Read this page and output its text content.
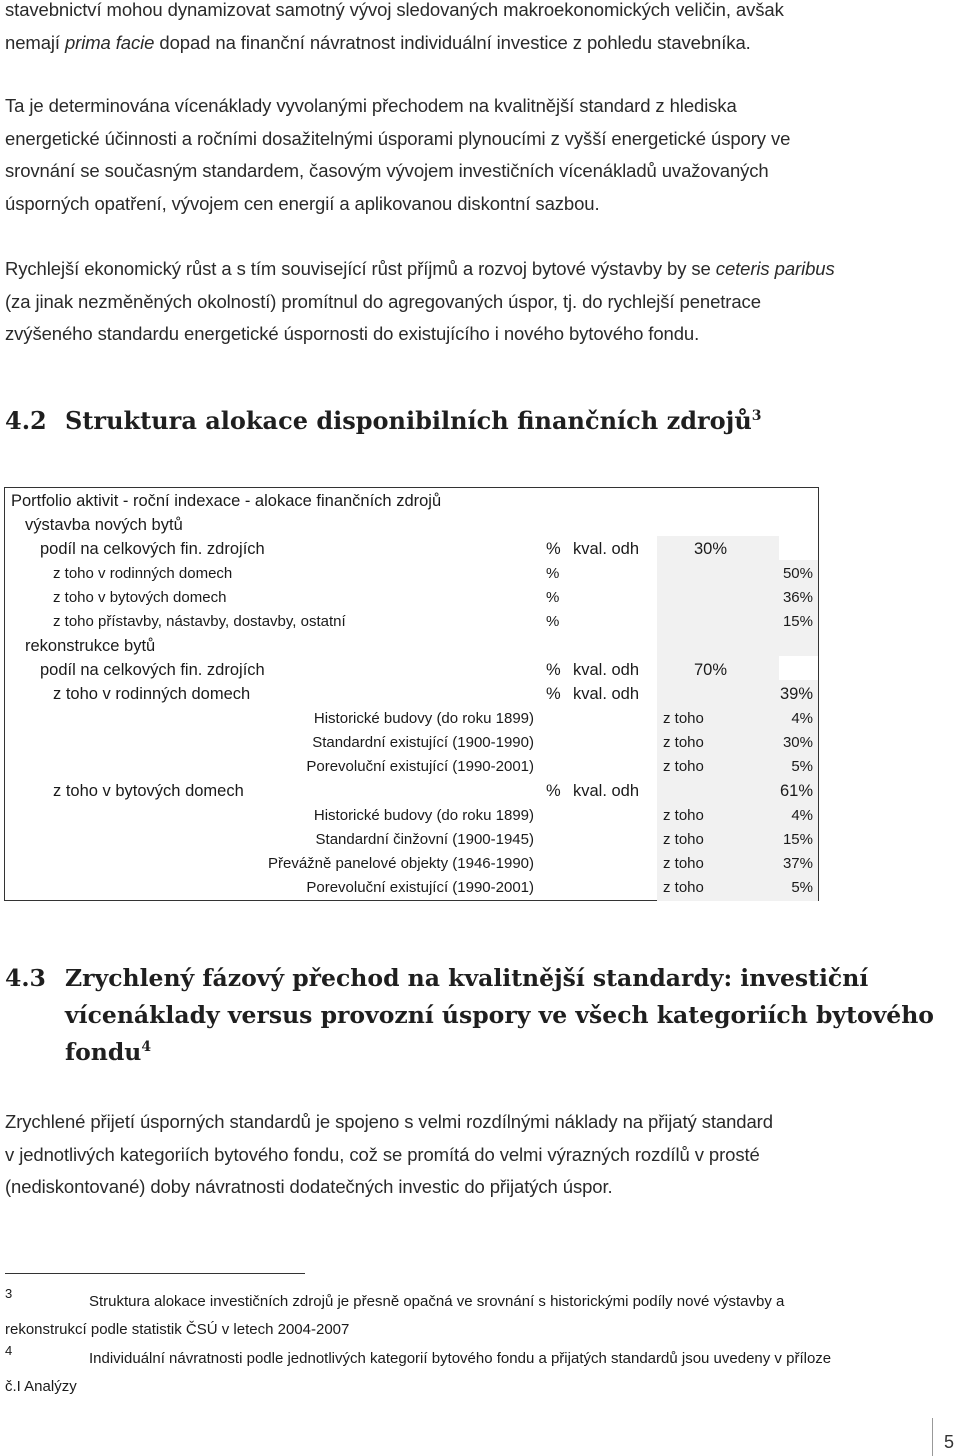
stavebnictví mohou dynamizovat samotný vývoj sledovaných makroekonomických veličin, avšak
nemají prima facie dopad na finanční návratnost individuální investice z pohledu stavebníka.
Ta je determinována vícenáklady vyvolanými přechodem na kvalitnější standard z hlediska
energetické účinnosti a ročními dosažitelnými úsporami plynoucími z vyšší energetické úspory ve
srovnání se současným standardem, časovým vývojem investičních vícenákladů uvažovaných
úsporných opatření, vývojem cen energií a aplikovanou diskontní sazbou.
Rychlejší ekonomický růst a s tím související růst příjmů a rozvoj bytové výstavby by se ceteris paribus
(za jinak nezměněných okolností) promítnul do agregovaných úspor, tj. do rychlejší penetrace
zvýšeného standardu energetické úspornosti do existujícího i nového bytového fondu.
4.2 Struktura alokace disponibilních finančních zdrojů$^3$
Portfolio aktivit - roční indexace - alokace finančních zdrojů
výstavba nových bytů
podíl na celkových fin. zdrojích	% kval. odh	30%
z toho v rodinných domech	%	50%
z toho v bytových domech	%	36%
z toho přístavby, nástavby, dostavby, ostatní	%	15%
rekonstrukce bytů
podíl na celkových fin. zdrojích	% kval. odh	70%
z toho v rodinných domech	% kval. odh	39%
Historické budovy (do roku 1899)	z toho	4%
Standardní existující (1900-1990)	z toho	30%
Porevoluční existující (1990-2001)	z toho	5%
z toho v bytových domech	% kval. odh	61%
Historické budovy (do roku 1899)	z toho	4%
Standardní činžovní (1900-1945)	z toho	15%
Převážně panelové objekty (1946-1990)	z toho	37%
Porevoluční existující (1990-2001)	z toho	5%
4.3 Zrychlený fázový přechod na kvalitnější standardy: investiční
vícenáklady versus provozní úspory ve všech kategoriích bytového
fondu$^4$
Zrychlené přijetí úsporných standardů je spojeno s velmi rozdílnými náklady na přijatý standard
v jednotlivých kategoriích bytového fondu, což se promítá do velmi výrazných rozdílů v prosté
(nediskontované) doby návratnosti dodatečných investic do přijatých úspor.
3	Struktura alokace investičních zdrojů je přesně opačná ve srovnání s historickými podíly nové výstavby a
rekonstrukcí podle statistik ČSÚ v letech 2004-2007
4	Individuální návratnosti podle jednotlivých kategorií bytového fondu a přijatých standardů jsou uvedeny v příloze
č.I Analýzy
5
